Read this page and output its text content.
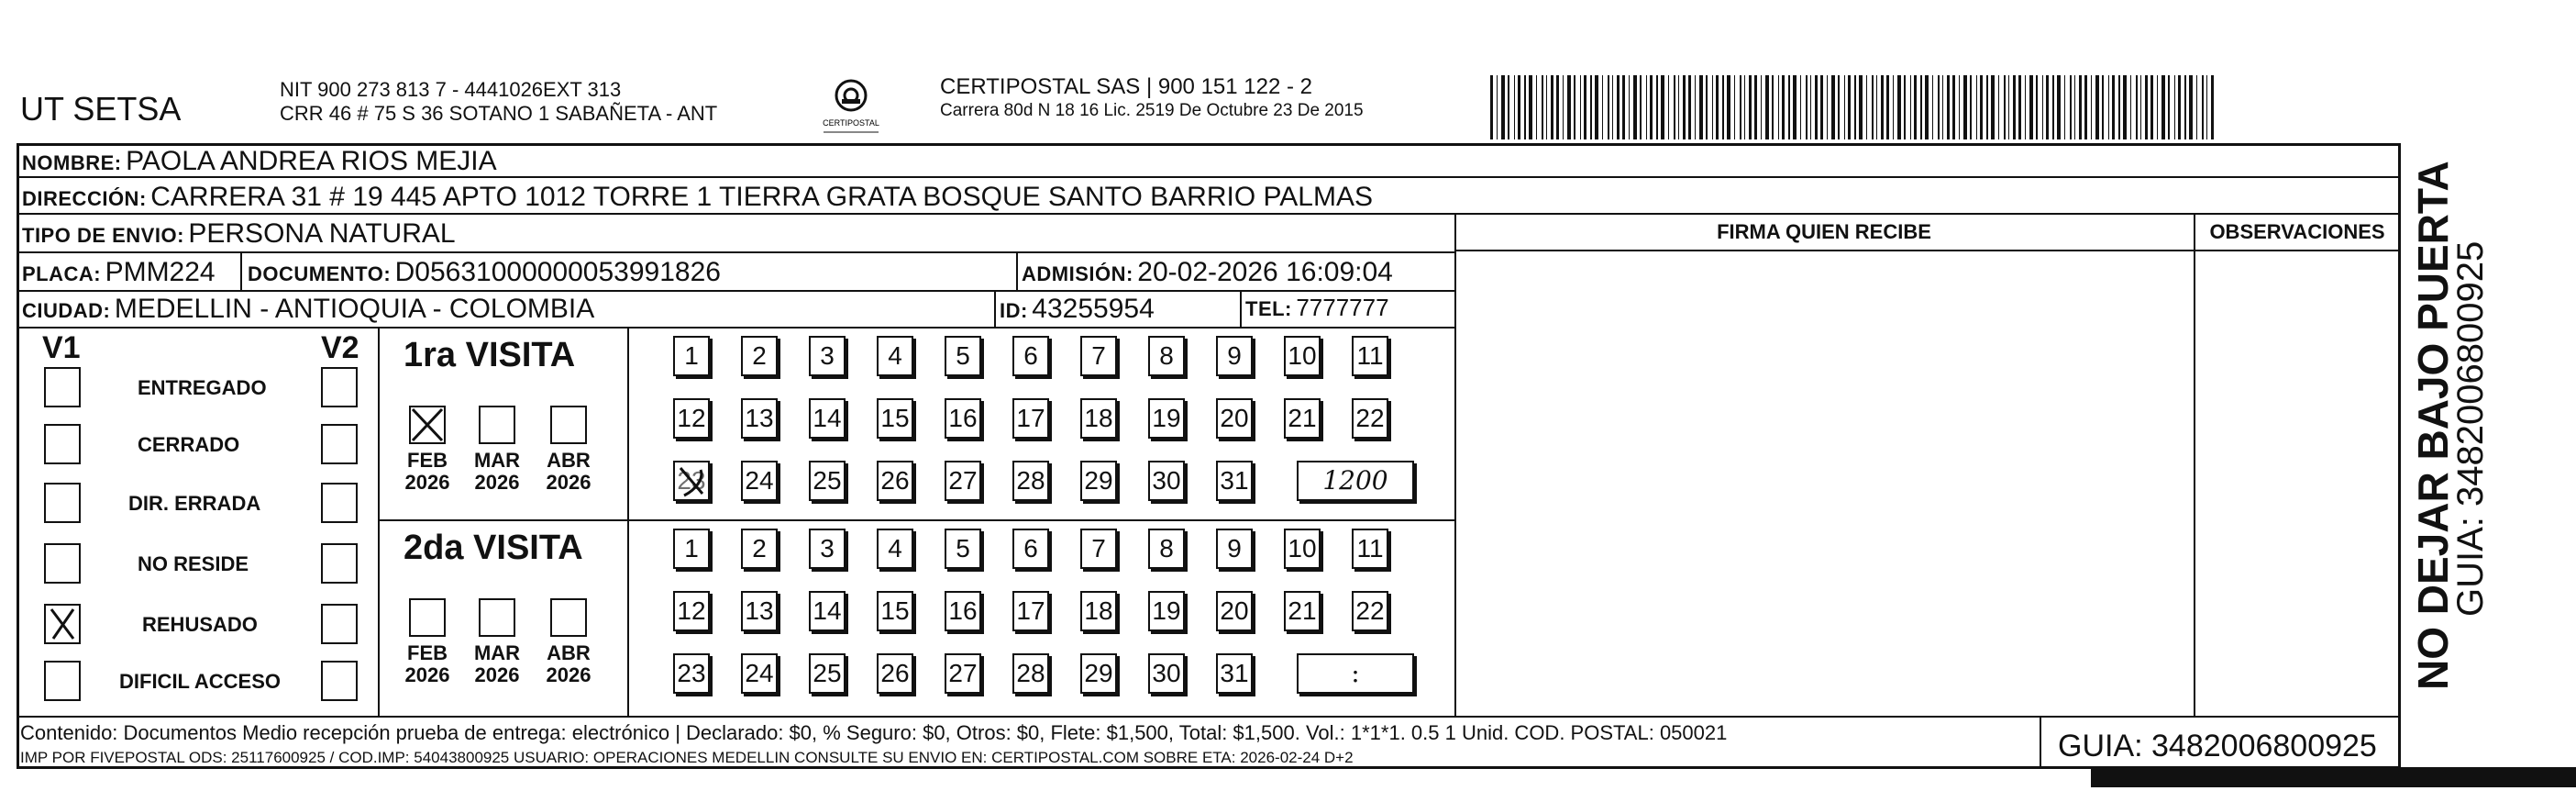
UT SETSA
NIT 900 273 813 7 - 4441026EXT 313
CRR 46 # 75 S 36 SOTANO 1 SABAÑETA - ANT	CERTIPOSTAL
CERTIPOSTAL SAS | 900 151 122 - 2
Carrera 80d N 18 16 Lic. 2519 De Octubre 23 De 2015
NOMBRE: PAOLA ANDREA RIOS MEJIA
DIRECCIÓN: CARRERA 31 # 19 445 APTO 1012 TORRE 1 TIERRA GRATA BOSQUE SANTO BARRIO PALMAS
TIPO DE ENVIO: PERSONA NATURAL
PLACA: PMM224 DOCUMENTO: D05631000000053991826	ADMISIÓN: 20-02-2026 16:09:04
CIUDAD: MEDELLIN - ANTIOQUIA - COLOMBIA	ID: 43255954	TEL: 7777777
FIRMA QUIEN RECIBE	OBSERVACIONES
V1	V2
ENTREGADO
CERRADO
DIR. ERRADA
NO RESIDE
REHUSADO
DIFICIL ACCESO
1ra VISITA
FEB
2026
MAR
2026
ABR
2026
1	2	3	4	5	6	7	8	9	10 11
12 13 14 15 16 17 18 19 20 21 22
23 24 25 26 27 28 29 30 31	1200
2da VISITA
FEB
2026
MAR
2026
ABR
2026
1	2	3	4	5	6	7	8	9	10 11
12 13 14 15 16 17 18 19 20 21 22
23 24 25 26 27 28 29 30 31	:
Contenido: Documentos Medio recepción prueba de entrega: electrónico | Declarado: $0, % Seguro: $0, Otros: $0, Flete: $1,500, Total: $1,500. Vol.: 1*1*1. 0.5 1 Unid. COD. POSTAL: 050021
IMP POR FIVEPOSTAL ODS: 25117600925 / COD.IMP: 54043800925 USUARIO: OPERACIONES MEDELLIN CONSULTE SU ENVIO EN: CERTIPOSTAL.COM SOBRE ETA: 2026-02-24 D+2	GUIA: 3482006800925
NO DEJAR BAJO PUERTA
GUIA: 3482006800925
